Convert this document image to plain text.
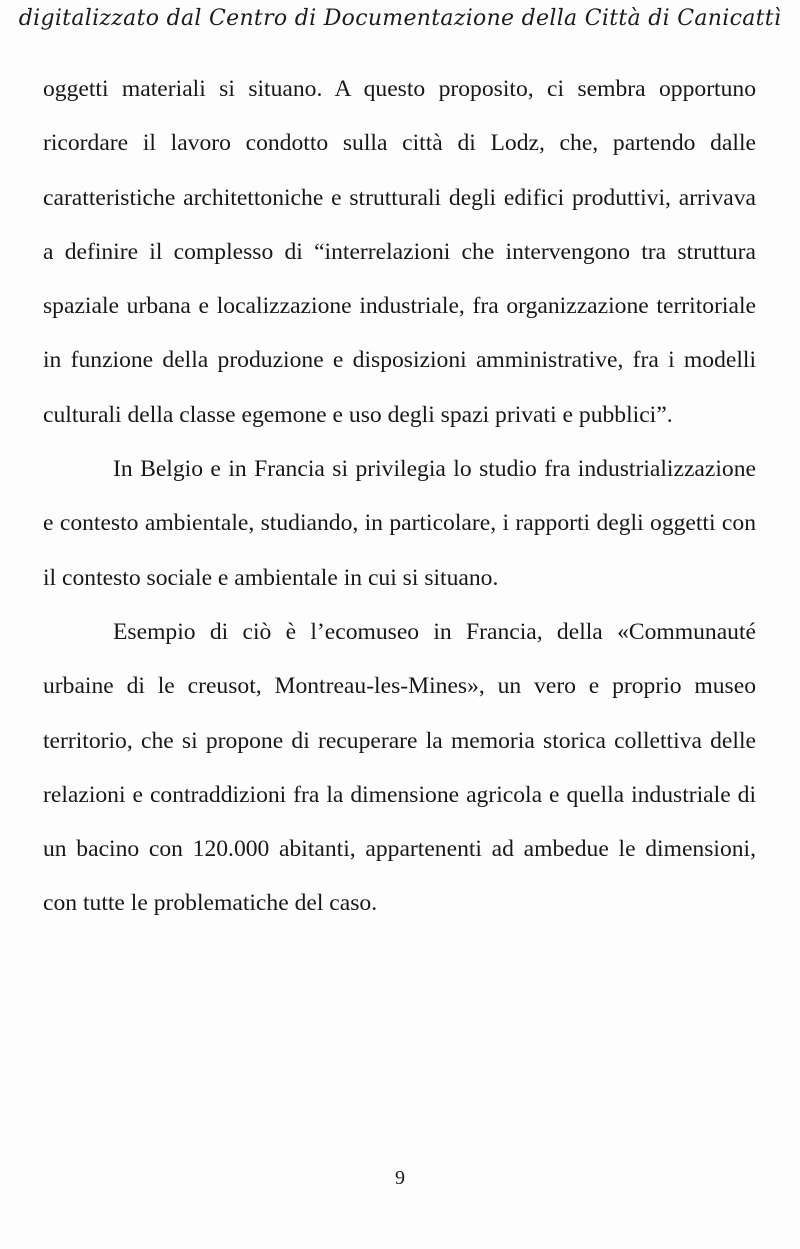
digitalizzato dal Centro di Documentazione della Città di Canicattì

oggetti materiali si situano. A questo proposito, ci sembra opportuno ricordare il lavoro condotto sulla città di Lodz, che, partendo dalle caratteristiche architettoniche e strutturali degli edifici produttivi, arrivava a definire il complesso di “interrelazioni che intervengono tra struttura spaziale urbana e localizzazione industriale, fra organizzazione territoriale in funzione della produzione e disposizioni amministrative, fra i modelli culturali della classe egemone e uso degli spazi privati e pubblici”.

In Belgio e in Francia si privilegia lo studio fra industrializzazione e contesto ambientale, studiando, in particolare, i rapporti degli oggetti con il contesto sociale e ambientale in cui si situano.

Esempio di ciò è l’ecomuseo in Francia, della «Communauté urbaine di le creusot, Montreau-les-Mines», un vero e proprio museo territorio, che si propone di recuperare la memoria storica collettiva delle relazioni e contraddizioni fra la dimensione agricola e quella industriale di un bacino con 120.000 abitanti, appartenenti ad ambedue le dimensioni, con tutte le problematiche del caso.

9
